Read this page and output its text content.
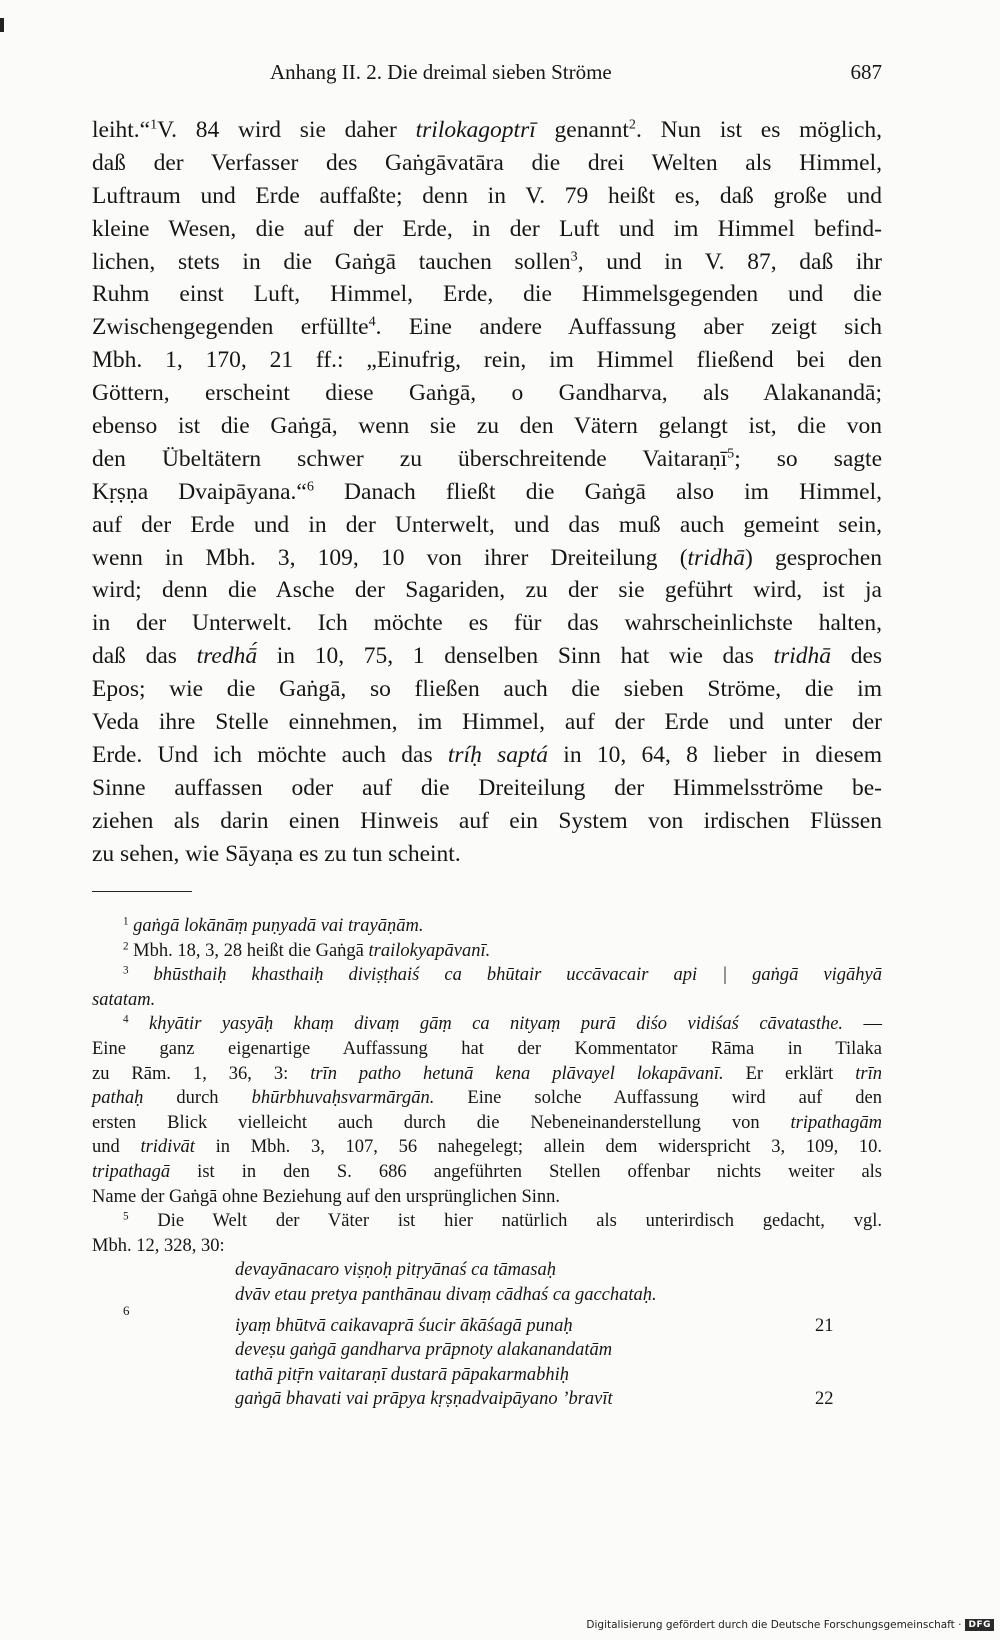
Anhang II. 2. Die dreimal sieben Ströme	687
leiht.“$^1$V. 84 wird sie daher trilokagoptrī genannt$^2$. Nun ist es möglich,
daß der Verfasser des Gaṅgāvatāra die drei Welten als Himmel,
Luftraum und Erde auffaßte; denn in V. 79 heißt es, daß große und
kleine Wesen, die auf der Erde, in der Luft und im Himmel befind-
lichen, stets in die Gaṅgā tauchen sollen$^3$, und in V. 87, daß ihr
Ruhm einst Luft, Himmel, Erde, die Himmelsgegenden und die
Zwischengegenden erfüllte$^4$. Eine andere Auffassung aber zeigt sich
Mbh. 1, 170, 21 ff.: „Einufrig, rein, im Himmel fließend bei den
Göttern, erscheint diese Gaṅgā, o Gandharva, als Alakanandā;
ebenso ist die Gaṅgā, wenn sie zu den Vätern gelangt ist, die von
den Übeltätern schwer zu überschreitende Vaitaraṇī$^5$; so sagte
Kṛṣṇa Dvaipāyana.“$^6$ Danach fließt die Gaṅgā also im Himmel,
auf der Erde und in der Unterwelt, und das muß auch gemeint sein,
wenn in Mbh. 3, 109, 10 von ihrer Dreiteilung (tridhā) gesprochen
wird; denn die Asche der Sagariden, zu der sie geführt wird, ist ja
in der Unterwelt. Ich möchte es für das wahrscheinlichste halten,
daß das tredhā́ in 10, 75, 1 denselben Sinn hat wie das tridhā des
Epos; wie die Gaṅgā, so fließen auch die sieben Ströme, die im
Veda ihre Stelle einnehmen, im Himmel, auf der Erde und unter der
Erde. Und ich möchte auch das tríḥ saptá in 10, 64, 8 lieber in diesem
Sinne auffassen oder auf die Dreiteilung der Himmelsströme be-
ziehen als darin einen Hinweis auf ein System von irdischen Flüssen
zu sehen, wie Sāyaṇa es zu tun scheint.
$^1$ gaṅgā lokānāṃ puṇyadā vai trayāṇām.
$^2$ Mbh. 18, 3, 28 heißt die Gaṅgā trailokyapāvanī.
$^3$ bhūsthaiḥ khasthaiḥ diviṣṭhaiś ca bhūtair uccāvacair api | gaṅgā vigāhyā
satatam.
$^4$ khyātir yasyāḥ khaṃ divaṃ gāṃ ca nityaṃ purā diśo vidiśaś cāvatasthe. —
Eine ganz eigenartige Auffassung hat der Kommentator Rāma in Tilaka
zu Rām. 1, 36, 3: trīn patho hetunā kena plāvayel lokapāvanī. Er erklärt trīn
pathaḥ durch bhūrbhuvaḥsvarmārgān. Eine solche Auffassung wird auf den
ersten Blick vielleicht auch durch die Nebeneinanderstellung von tripathagām
und tridivāt in Mbh. 3, 107, 56 nahegelegt; allein dem widerspricht 3, 109, 10.
tripathagā ist in den S. 686 angeführten Stellen offenbar nichts weiter als
Name der Gaṅgā ohne Beziehung auf den ursprünglichen Sinn.
$^5$ Die Welt der Väter ist hier natürlich als unterirdisch gedacht, vgl.
Mbh. 12, 328, 30:
devayānacaro viṣṇoḥ pitṛyānaś ca tāmasaḥ
dvāv etau pretya panthānau divaṃ cādhaś ca gacchataḥ.
6
iyaṃ bhūtvā caikavaprā śucir ākāśagā punaḥ	21
deveṣu gaṅgā gandharva prāpnoty alakanandatām
tathā pitṝn vaitaraṇī dustarā pāpakarmabhiḥ
gaṅgā bhavati vai prāpya kṛṣṇadvaipāyano ’bravīt	22
Digitalisierung gefördert durch die Deutsche Forschungsgemeinschaft · DFG
